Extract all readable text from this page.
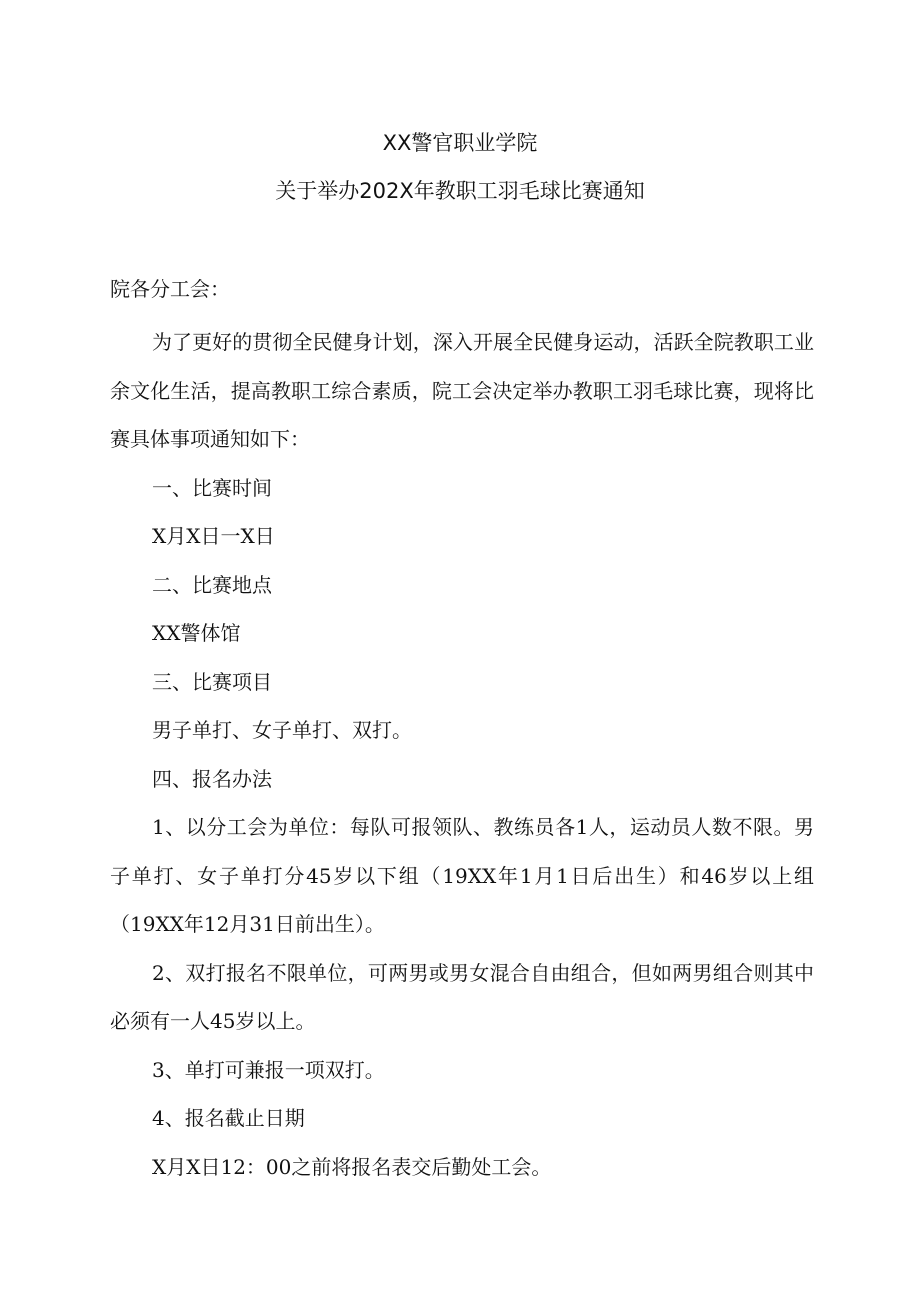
XX警官职业学院
关于举办202X年教职工羽毛球比赛通知
院各分工会：

为了更好的贯彻全民健身计划，深入开展全民健身运动，活跃全院教职工业余文化生活，提高教职工综合素质，院工会决定举办教职工羽毛球比赛，现将比赛具体事项通知如下：

一、比赛时间

X月X日一X日

二、比赛地点

XX警体馆

三、比赛项目

男子单打、女子单打、双打。

四、报名办法

1、以分工会为单位：每队可报领队、教练员各1人，运动员人数不限。男子单打、女子单打分45岁以下组（19XX年1月1日后出生）和46岁以上组（19XX年12月31日前出生）。

2、双打报名不限单位，可两男或男女混合自由组合，但如两男组合则其中必须有一人45岁以上。

3、单打可兼报一项双打。

4、报名截止日期

X月X日12：00之前将报名表交后勤处工会。
